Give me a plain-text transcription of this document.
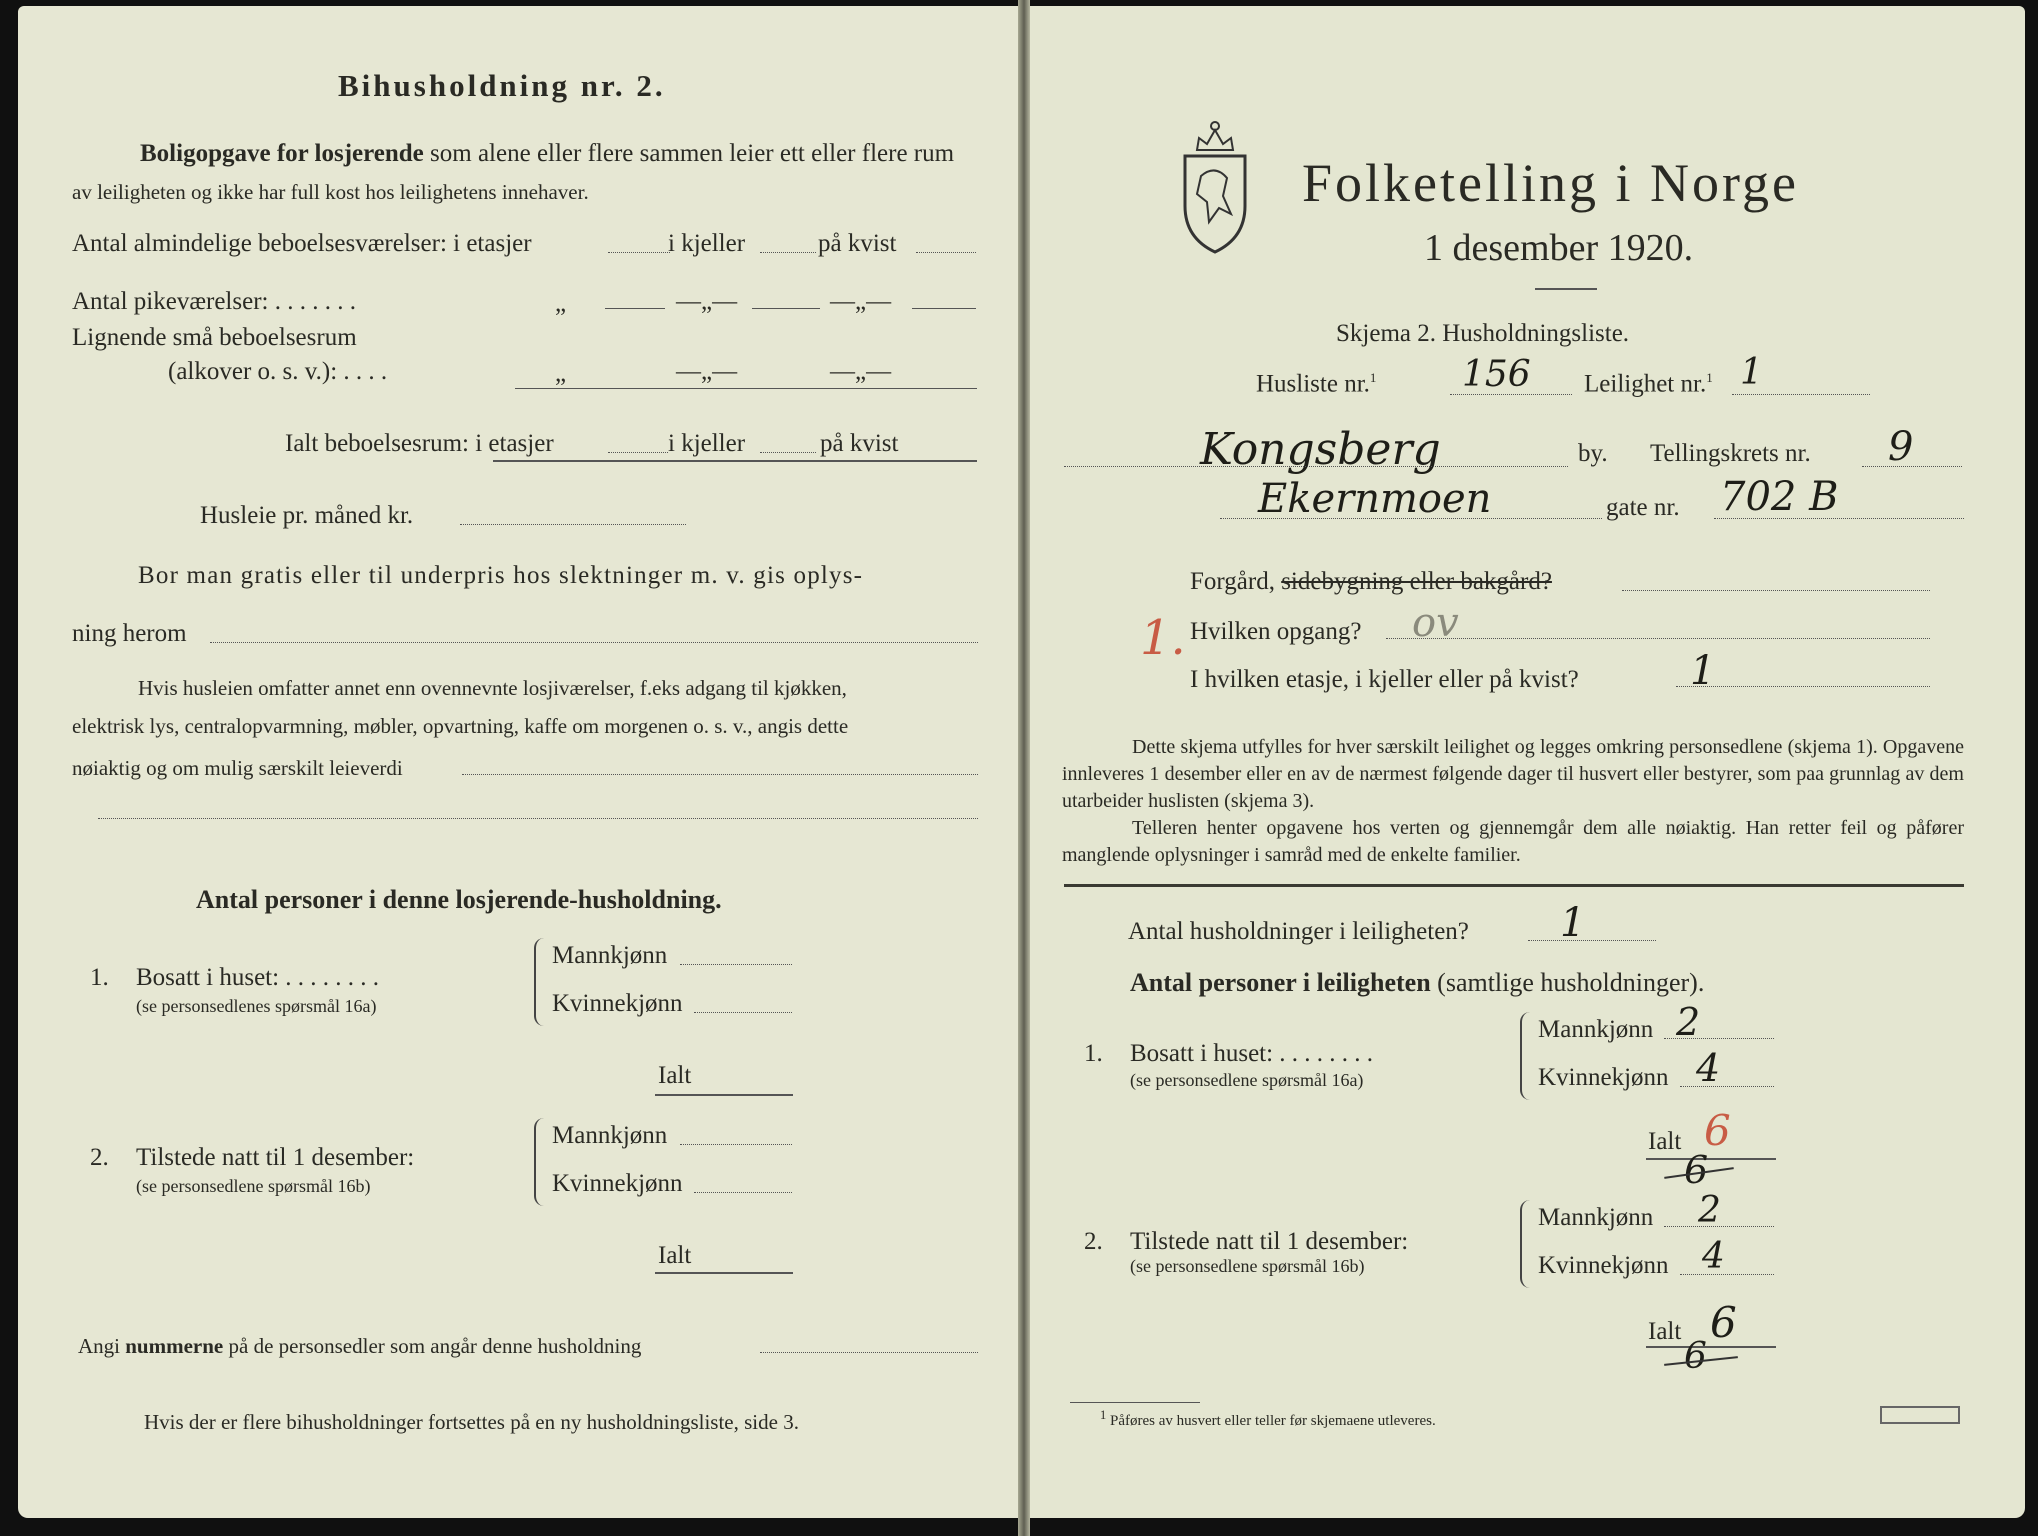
Bihusholdning nr. 2.
Boligopgave for losjerende som alene eller flere sammen leier ett eller flere rum
av leiligheten og ikke har full kost hos leilighetens innehaver.
Antal almindelige beboelsesværelser: i etasjer	i kjeller	på kvist
Antal pikeværelser: . . . . . . .	„	—„—	—„—
Lignende små beboelsesrum
(alkover o. s. v.): . . . .	„	—„—	—„—
Ialt beboelsesrum: i etasjer	i kjeller	på kvist
Husleie pr. måned kr.
Bor man gratis eller til underpris hos slektninger m. v. gis oplys-
ning herom
Hvis husleien omfatter annet enn ovennevnte losjiværelser, f.eks adgang til kjøkken,
elektrisk lys, centralopvarmning, møbler, opvartning, kaffe om morgenen o. s. v., angis dette
nøiaktig og om mulig særskilt leieverdi
Antal personer i denne losjerende-husholdning.
1. Bosatt i huset: . . . . . . . .
(se personsedlenes spørsmål 16a)
Mannkjønn
Kvinnekjønn
Ialt
2. Tilstede natt til 1 desember:
(se personsedlene spørsmål 16b)
Mannkjønn
Kvinnekjønn
Ialt
Angi nummerne på de personsedler som angår denne husholdning
Hvis der er flere bihusholdninger fortsettes på en ny husholdningsliste, side 3.
Folketelling i Norge
1 desember 1920.
Skjema 2. Husholdningsliste.
Husliste nr.$^1$ 156 Leilighet nr.$^1$ 1
Kongsberg	by. Tellingskrets nr. 9
Ekernmoen	gate nr. 702 B
Forgård, sidebygning eller bakgård?
1. Hvilken opgang? ov
I hvilken etasje, i kjeller eller på kvist?	1
Dette skjema utfylles for hver særskilt leilighet og legges omkring personsedlene (skjema 1). Opgavene innleveres 1 desember eller en av de nærmest følgende dager til husvert eller bestyrer, som paa grunnlag av dem utarbeider huslisten (skjema 3).
Telleren henter opgavene hos verten og gjennemgår dem alle nøiaktig. Han retter feil og påfører manglende oplysninger i samråd med de enkelte familier.
Antal husholdninger i leiligheten? 1
Antal personer i leiligheten (samtlige husholdninger).
1. Bosatt i huset: . . . . . . . .
(se personsedlene spørsmål 16a)
Mannkjønn 2
Kvinnekjønn 4
Ialt 6
6
2. Tilstede natt til 1 desember:
(se personsedlene spørsmål 16b)
Mannkjønn 2
Kvinnekjønn 4
Ialt 6
6
$^1$ Påføres av husvert eller teller før skjemaene utleveres.
